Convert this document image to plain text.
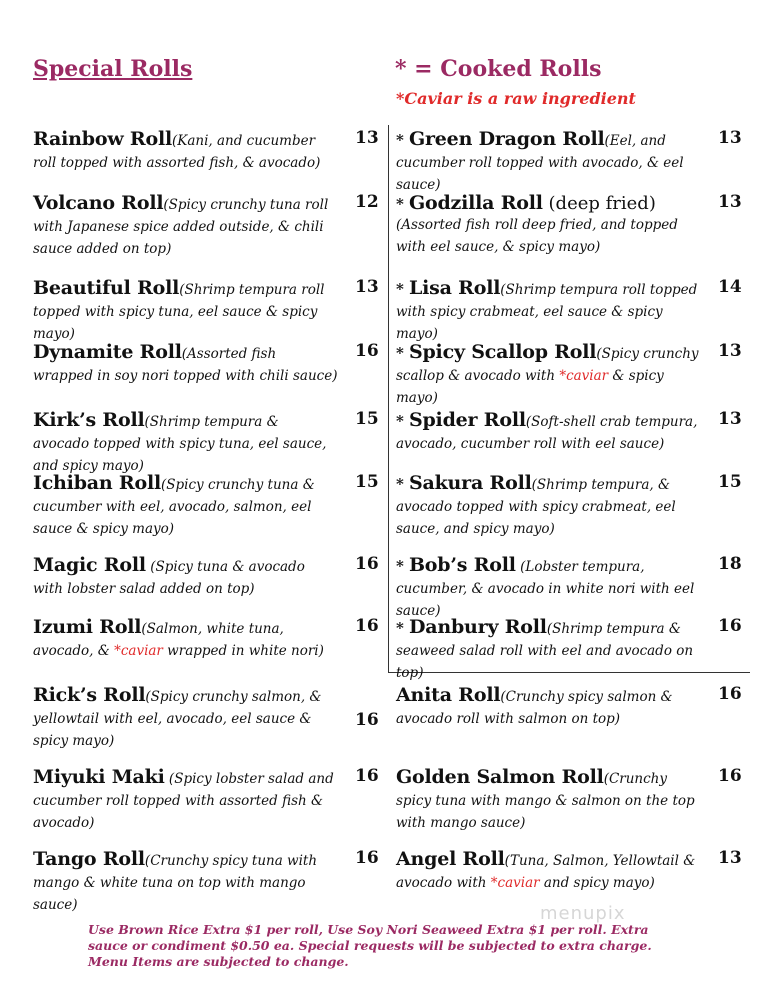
Special Rolls	* = Cooked Rolls
*Caviar is a raw ingredient
Rainbow Roll(Kani, and cucumber roll topped with assorted fish, & avocado)
13
Volcano Roll(Spicy crunchy tuna roll with Japanese spice added outside, & chili sauce added on top)
12
Beautiful Roll(Shrimp tempura roll topped with spicy tuna, eel sauce & spicy mayo)
13
Dynamite Roll(Assorted fish wrapped in soy nori topped with chili sauce)
16
Kirk’s Roll(Shrimp tempura & avocado topped with spicy tuna, eel sauce, and spicy mayo)
15
Ichiban Roll(Spicy crunchy tuna & cucumber with eel, avocado, salmon, eel sauce & spicy mayo)
15
Magic Roll (Spicy tuna & avocado with lobster salad added on top)
16
Izumi Roll(Salmon, white tuna, avocado, & *caviar wrapped in white nori)
16
Rick’s Roll(Spicy crunchy salmon, & yellowtail with eel, avocado, eel sauce & spicy mayo)
16
Miyuki Maki (Spicy lobster salad and cucumber roll topped with assorted fish & avocado)
16
Tango Roll(Crunchy spicy tuna with mango & white tuna on top with mango sauce)
16
* Green Dragon Roll(Eel, and cucumber roll topped with avocado, & eel sauce)
13
* Godzilla Roll (deep fried)
(Assorted fish roll deep fried, and topped with eel sauce, & spicy mayo)
13
* Lisa Roll(Shrimp tempura roll topped with spicy crabmeat, eel sauce & spicy mayo)
14
* Spicy Scallop Roll(Spicy crunchy scallop & avocado with *caviar & spicy mayo)
13
* Spider Roll(Soft-shell crab tempura, avocado, cucumber roll with eel sauce)
13
* Sakura Roll(Shrimp tempura, & avocado topped with spicy crabmeat, eel sauce, and spicy mayo)
15
* Bob’s Roll (Lobster tempura, cucumber, & avocado in white nori with eel sauce)
18
* Danbury Roll(Shrimp tempura & seaweed salad roll with eel and avocado on top)
16
Anita Roll(Crunchy spicy salmon & avocado roll with salmon on top)
16
Golden Salmon Roll(Crunchy spicy tuna with mango & salmon on the top with mango sauce)
16
Angel Roll(Tuna, Salmon, Yellowtail & avocado with *caviar and spicy mayo)
13
menupix
Use Brown Rice Extra $1 per roll, Use Soy Nori Seaweed Extra $1 per roll. Extra sauce or condiment $0.50 ea. Special requests will be subjected to extra charge. Menu Items are subjected to change.
